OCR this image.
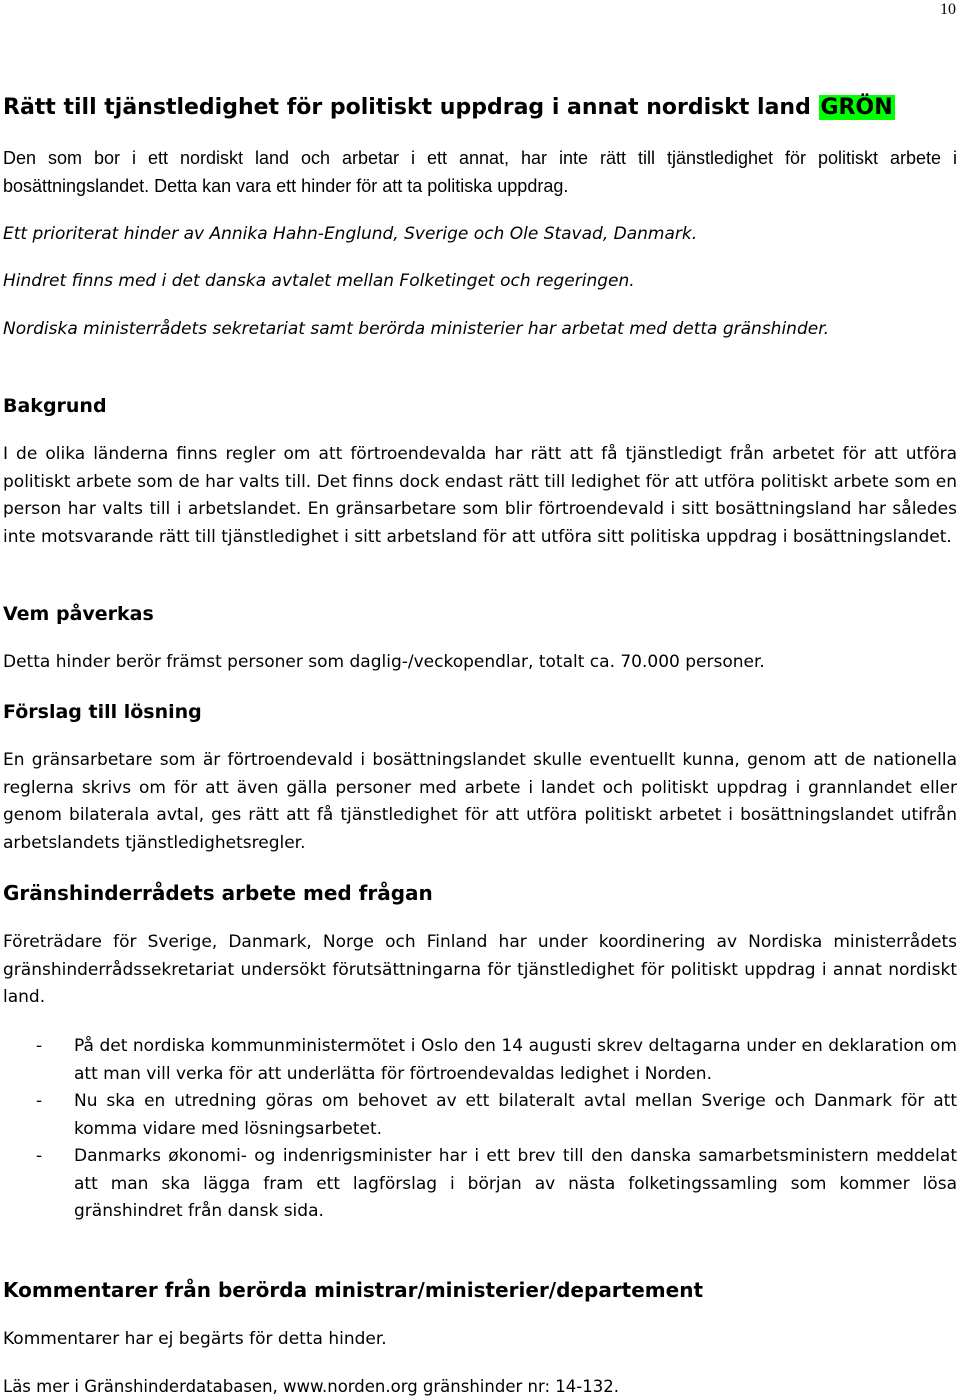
10
Rätt till tjänstledighet för politiskt uppdrag i annat nordiskt land GRÖN
Den som bor i ett nordiskt land och arbetar i ett annat, har inte rätt till tjänstledighet för politiskt arbete i bosättningslandet. Detta kan vara ett hinder för att ta politiska uppdrag.
Ett prioriterat hinder av Annika Hahn-Englund, Sverige och Ole Stavad, Danmark.
Hindret finns med i det danska avtalet mellan Folketinget och regeringen.
Nordiska ministerrådets sekretariat samt berörda ministerier har arbetat med detta gränshinder.
Bakgrund
I de olika länderna finns regler om att förtroendevalda har rätt att få tjänstledigt från arbetet för att utföra politiskt arbete som de har valts till. Det finns dock endast rätt till ledighet för att utföra politiskt arbete som en person har valts till i arbetslandet. En gränsarbetare som blir förtroendevald i sitt bosättningsland har således inte motsvarande rätt till tjänstledighet i sitt arbetsland för att utföra sitt politiska uppdrag i bosättningslandet.
Vem påverkas
Detta hinder berör främst personer som daglig-/veckopendlar, totalt ca. 70.000 personer.
Förslag till lösning
En gränsarbetare som är förtroendevald i bosättningslandet skulle eventuellt kunna, genom att de nationella reglerna skrivs om för att även gälla personer med arbete i landet och politiskt uppdrag i grannlandet eller genom bilaterala avtal, ges rätt att få tjänstledighet för att utföra politiskt arbetet i bosättningslandet utifrån arbetslandets tjänstledighetsregler.
Gränshinderrådets arbete med frågan
Företrädare för Sverige, Danmark, Norge och Finland har under koordinering av Nordiska ministerrådets gränshinderrådssekretariat undersökt förutsättningarna för tjänstledighet för politiskt uppdrag i annat nordiskt land.
- På det nordiska kommunministermötet i Oslo den 14 augusti skrev deltagarna under en deklaration om att man vill verka för att underlätta för förtroendevaldas ledighet i Norden.
- Nu ska en utredning göras om behovet av ett bilateralt avtal mellan Sverige och Danmark för att komma vidare med lösningsarbetet.
- Danmarks økonomi- og indenrigsminister har i ett brev till den danska samarbetsministern meddelat att man ska lägga fram ett lagförslag i början av nästa folketingssamling som kommer lösa gränshindret från dansk sida.
Kommentarer från berörda ministrar/ministerier/departement
Kommentarer har ej begärts för detta hinder.
Läs mer i Gränshinderdatabasen, www.norden.org gränshinder nr: 14-132.
